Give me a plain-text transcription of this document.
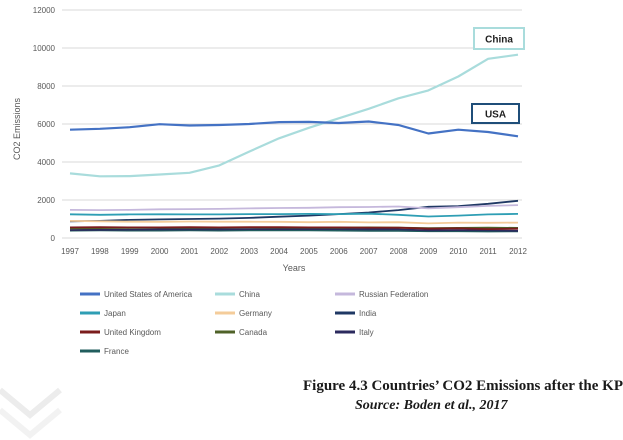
0
2000
4000
6000
8000
10000
12000
1997 1998 1999 2000 2001 2002 2003 2004 2005 2006 2007 2008 2009 2010 2011 2012
United States of America	China	Russian Federation
Japan	Germany	India
United Kingdom	Canada	Italy
France
China
USA
Years
CO2 Emissions
Figure 4.3 Countries’ CO2 Emissions after the KP
Source: Boden et al., 2017
